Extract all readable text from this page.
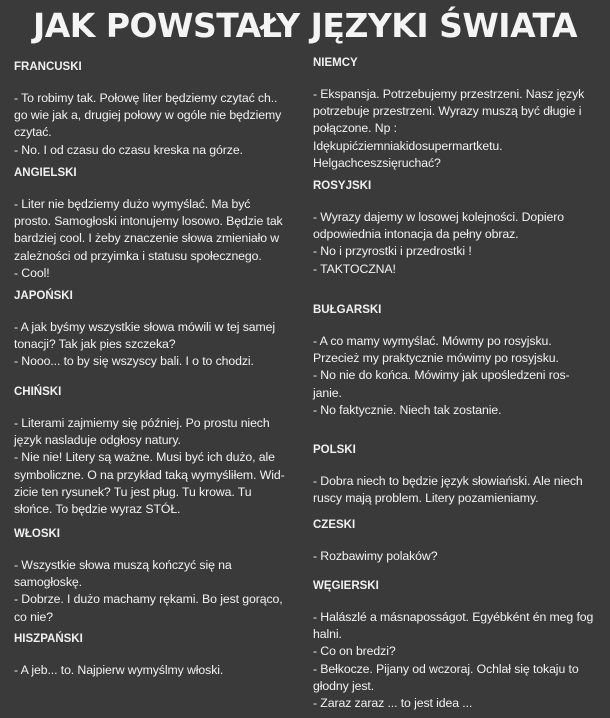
JAK POWSTAŁY JĘZYKI ŚWIATA
FRANCUSKI
- To robimy tak. Połowę liter będziemy czytać ch..
go wie jak a, drugiej połowy w ogóle nie będziemy
czytać.
- No. I od czasu do czasu kreska na górze.
ANGIELSKI
- Liter nie będziemy dużo wymyślać. Ma być
prosto. Samogłoski intonujemy losowo. Będzie tak
bardziej cool. I żeby znaczenie słowa zmieniało w
zależności od przyimka i statusu społecznego.
- Cool!
JAPOŃSKI
- A jak byśmy wszystkie słowa mówili w tej samej
tonacji? Tak jak pies szczeka?
- Nooo... to by się wszyscy bali. I o to chodzi.
CHIŃSKI
- Literami zajmiemy się później. Po prostu niech
język nasladuje odgłosy natury.
- Nie nie! Litery są ważne. Musi być ich dużo, ale
symboliczne. O na przykład taką wymyśliłem. Wid-
zicie ten rysunek? Tu jest pług. Tu krowa. Tu
słońce. To będzie wyraz STÓŁ.
WŁOSKI
- Wszystkie słowa muszą kończyć się na
samogłoskę.
- Dobrze. I dużo machamy rękami. Bo jest gorąco,
co nie?
HISZPAŃSKI
- A jeb... to. Najpierw wymyślmy włoski.
NIEMCY
- Ekspansja. Potrzebujemy przestrzeni. Nasz język
potrzebuje przestrzeni. Wyrazy muszą być długie i
połączone. Np :
Idękupićziemniakidosupermartketu.
Helgachceszsięruchać?
ROSYJSKI
- Wyrazy dajemy w losowej kolejności. Dopiero
odpowiednia intonacja da pełny obraz.
- No i przyrostki i przedrostki !
- TAKTOCZNA!
BUŁGARSKI
- A co mamy wymyślać. Mówmy po rosyjsku.
Przecież my praktycznie mówimy po rosyjsku.
- No nie do końca. Mówimy jak upośledzeni ros-
janie.
- No faktycznie. Niech tak zostanie.
POLSKI
- Dobra niech to będzie język słowiański. Ale niech
ruscy mają problem. Litery pozamieniamy.
CZESKI
- Rozbawimy polaków?
WĘGIERSKI
- Halászlé a másnaposságot. Egyébként én meg fog
halni.
- Co on bredzi?
- Bełkocze. Pijany od wczoraj. Ochlał się tokaju to
głodny jest.
- Zaraz zaraz ... to jest idea ...
